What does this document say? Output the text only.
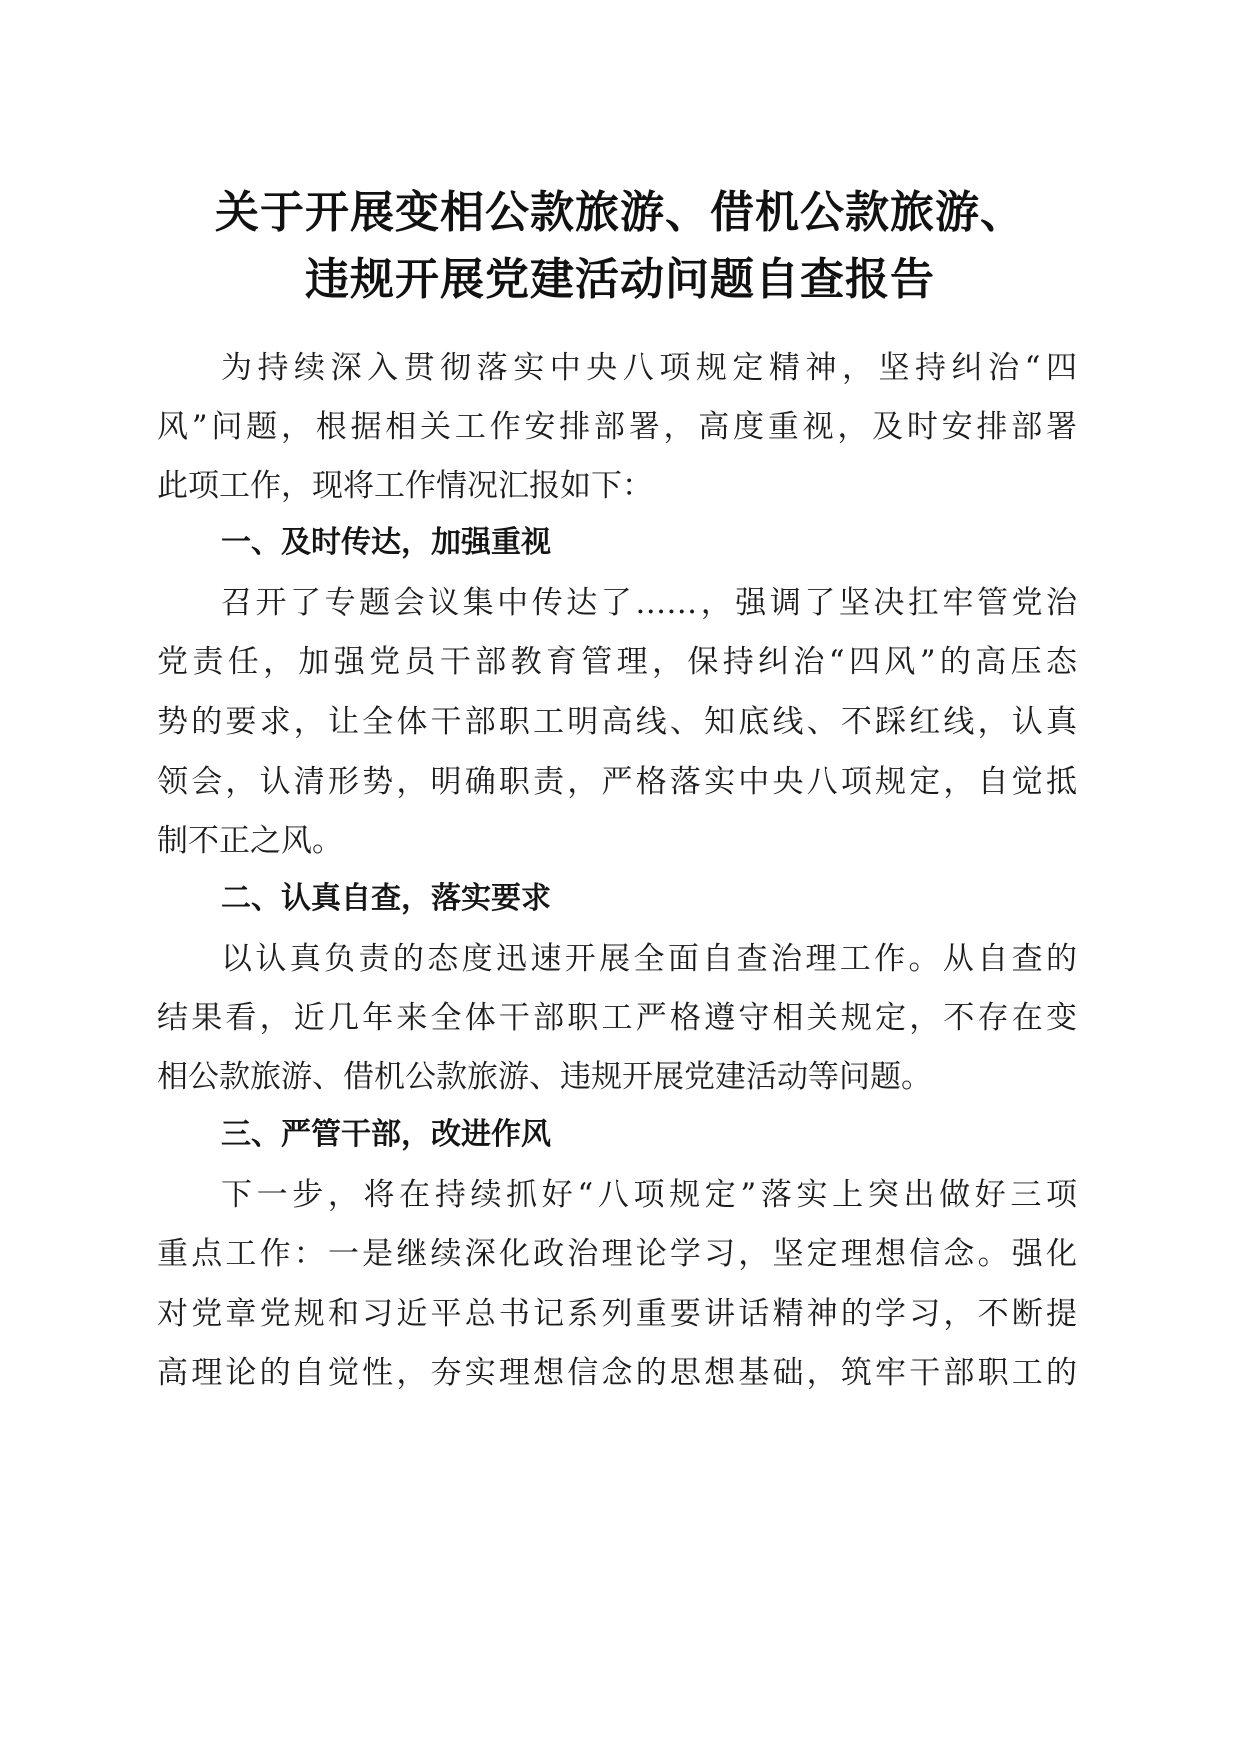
关于开展变相公款旅游、借机公款旅游、
违规开展党建活动问题自查报告
为持续深入贯彻落实中央八项规定精神，坚持纠治“四
风”问题，根据相关工作安排部署，高度重视，及时安排部署
此项工作，现将工作情况汇报如下：
一、及时传达，加强重视
召开了专题会议集中传达了……，强调了坚决扛牢管党治
党责任，加强党员干部教育管理，保持纠治“四风”的高压态
势的要求，让全体干部职工明高线、知底线、不踩红线，认真
领会，认清形势，明确职责，严格落实中央八项规定，自觉抵
制不正之风。
二、认真自查，落实要求
以认真负责的态度迅速开展全面自查治理工作。从自查的
结果看，近几年来全体干部职工严格遵守相关规定，不存在变
相公款旅游、借机公款旅游、违规开展党建活动等问题。
三、严管干部，改进作风
下一步，将在持续抓好“八项规定”落实上突出做好三项
重点工作：一是继续深化政治理论学习，坚定理想信念。强化
对党章党规和习近平总书记系列重要讲话精神的学习，不断提
高理论的自觉性，夯实理想信念的思想基础，筑牢干部职工的
